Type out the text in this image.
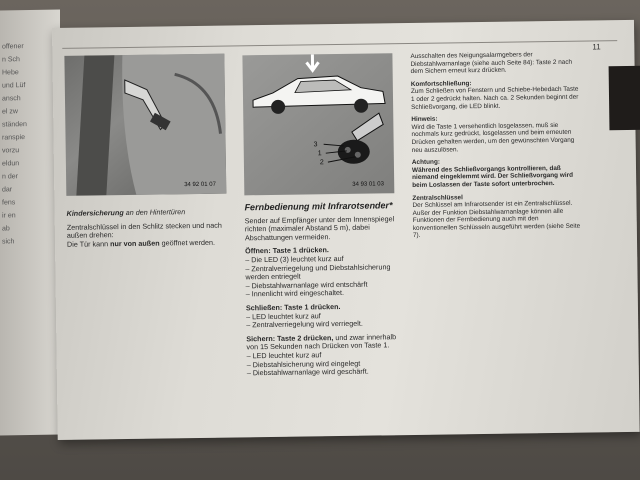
offener
n Sch
Hebe
und Lüf
ansch
el zw
ständen
ranspie
vorzu
eldun
n der
dar
fens
ir en
ab
sich
11
34 92 01 07
3
1
2
34 93 01 03

Kindersicherung an den Hintertüren

Zentralschlüssel in den Schlitz stecken und nach außen drehen:

Die Tür kann nur von außen geöffnet werden.

Fernbedienung mit Infrarotsender*

Sender auf Empfänger unter dem Innenspiegel richten (maximaler Abstand 5 m), dabei Abschattungen vermeiden.

Öffnen: Taste 1 drücken.

– Die LED (3) leuchtet kurz auf
– Zentralverriegelung und Diebstahlsicherung werden entriegelt
– Diebstahlwarnanlage wird entschärft
– Innenlicht wird eingeschaltet.

Schließen: Taste 1 drücken.

– LED leuchtet kurz auf
– Zentralverriegelung wird verriegelt.

Sichern: Taste 2 drücken, und zwar innerhalb von 15 Sekunden nach Drücken von Taste 1.

– LED leuchtet kurz auf
– Diebstahlsicherung wird eingelegt
– Diebstahlwarnanlage wird geschärft.

Ausschalten des Neigungsalarmgebers der Diebstahlwarnanlage (siehe auch Seite 84): Taste 2 nach dem Sichern erneut kurz drücken.

Komfortschließung:

Zum Schließen von Fenstern und Schiebe-Hebedach Taste 1 oder 2 gedrückt halten. Nach ca. 2 Sekunden beginnt der Schließvorgang, die LED blinkt.

Hinweis:

Wird die Taste 1 versehentlich losgelassen, muß sie nochmals kurz gedrückt, losgelassen und beim erneuten Drücken gehalten werden, um den gewünschten Vorgang neu auszulösen.

Achtung:

Während des Schließvorgangs kontrollieren, daß niemand eingeklemmt wird. Der Schließvorgang wird beim Loslassen der Taste sofort unterbrochen.

Zentralschlüssel

Der Schlüssel am Infrarotsender ist ein Zentralschlüssel. Außer der Funktion Diebstahlwarnanlage können alle Funktionen der Fernbedienung auch mit den konventionellen Schlüsseln ausgeführt werden (siehe Seite 7).
